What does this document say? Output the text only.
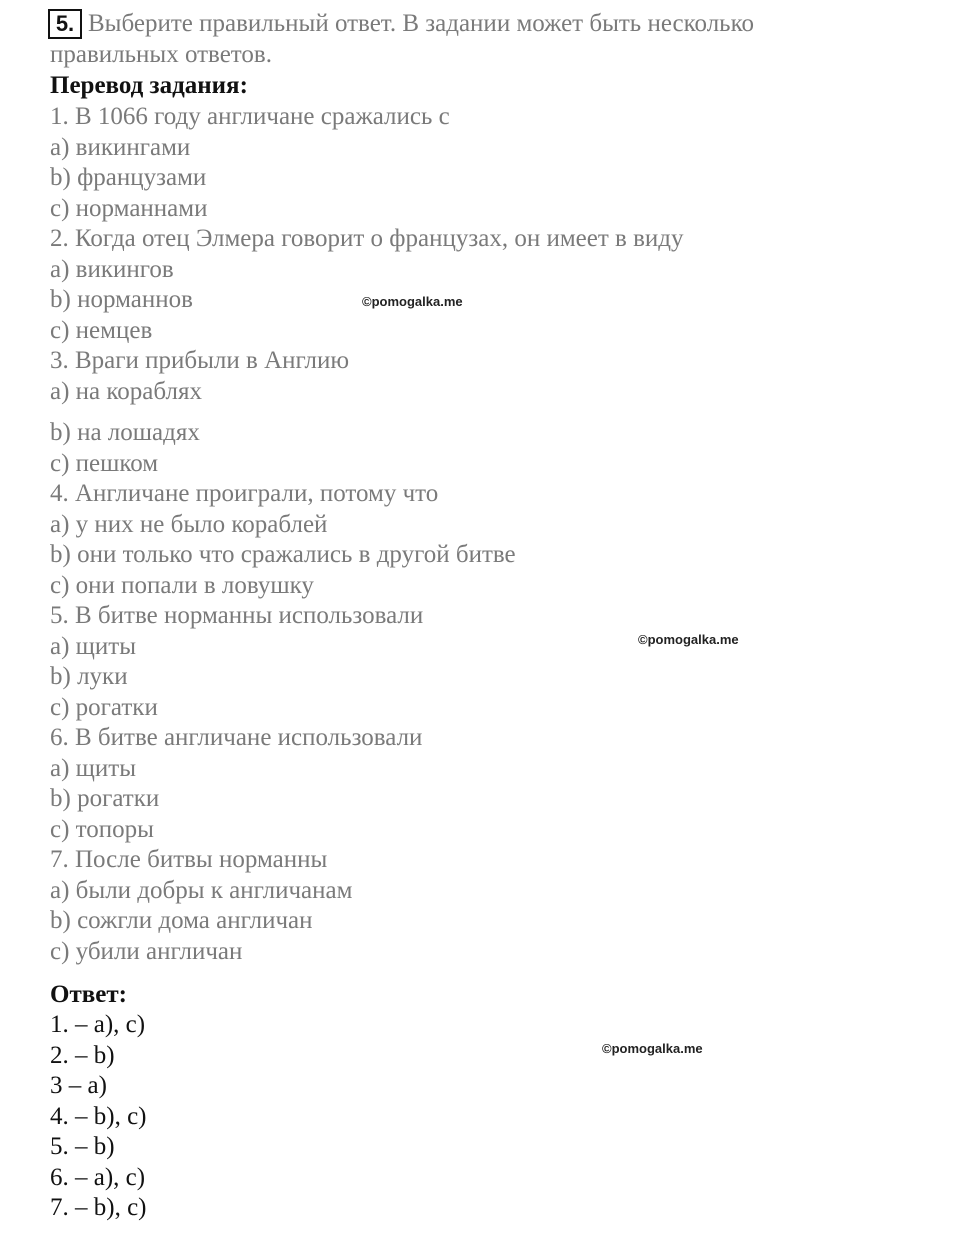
5. Выберите правильный ответ. В задании может быть несколько
правильных ответов.
Перевод задания:
1. В 1066 году англичане сражались с
a) викингами
b) французами
c) норманнами
2. Когда отец Элмера говорит о французах, он имеет в виду
a) викингов
b) норманнов
c) немцев
3. Враги прибыли в Англию
a) на кораблях
b) на лошадях
c) пешком
4. Англичане проиграли, потому что
a) у них не было кораблей
b) они только что сражались в другой битве
c) они попали в ловушку
5. В битве норманны использовали
a) щиты
b) луки
c) рогатки
6. В битве англичане использовали
a) щиты
b) рогатки
c) топоры
7. После битвы норманны
a) были добры к англичанам
b) сожгли дома англичан
c) убили англичан
Ответ:
1. – a), c)
2. – b)
3 – a)
4. – b), c)
5. – b)
6. – a), c)
7. – b), c)
©pomogalka.me
©pomogalka.me
©pomogalka.me
